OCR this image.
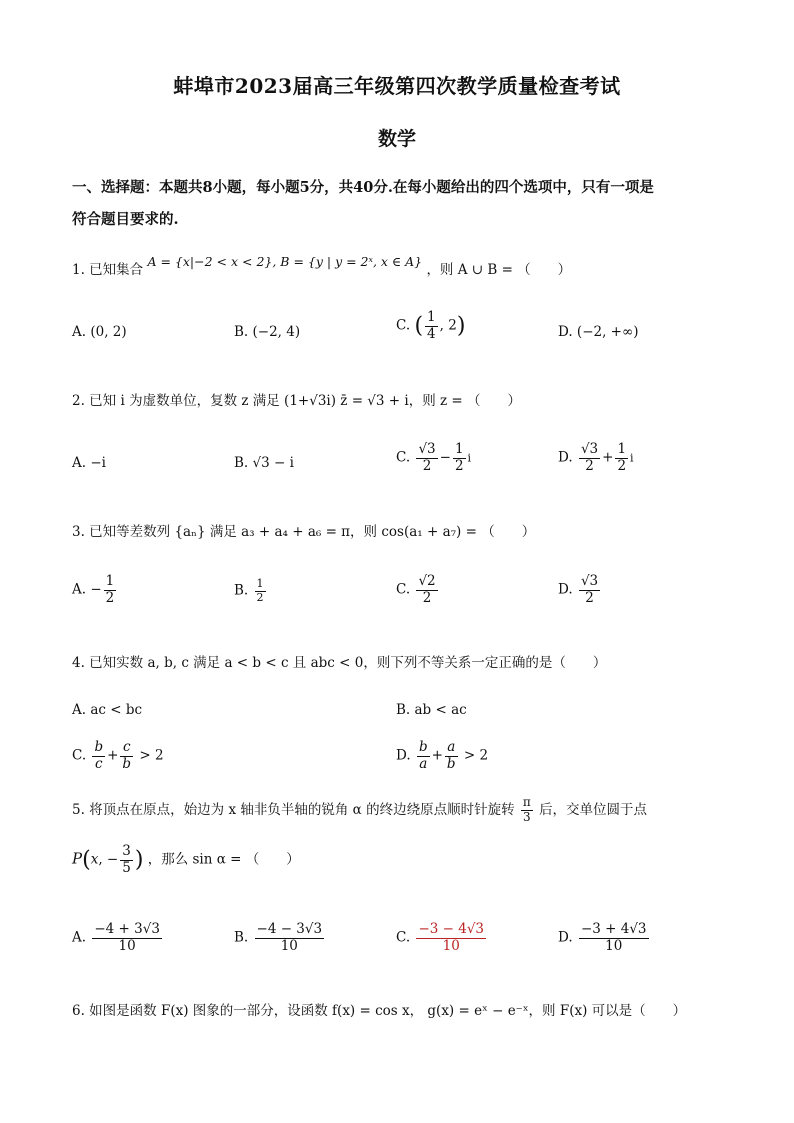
蚌埠市2023届高三年级第四次教学质量检查考试
数学
一、选择题：本题共8小题，每小题5分，共40分.在每小题给出的四个选项中，只有一项是
符合题目要求的.
1. 已知集合 A = {x|−2 < x < 2}, B = {y | y = 2ˣ, x ∈ A} ，则 A ∪ B = （　　）
A. (0, 2)	B. (−2, 4)	C. ( $\frac{1}{4}$ , 2)	D. (−2, +∞)
2. 已知 i 为虚数单位，复数 z 满足 (1+√3i) z̄ = √3 + i，则 z = （　　）
A. −i	B. √3 − i	C. $\frac{√3}{2} - \frac{1}{2}$ i	D. $\frac{√3}{2} + \frac{1}{2}$ i
3. 已知等差数列 {aₙ} 满足 a₃ + a₄ + a₆ = π，则 cos(a₁ + a₇) = （　　）
A. − $\frac{1}{2}$	B. $\frac{1}{2}$	C. $\frac{√2}{2}$	D. $\frac{√3}{2}$
4. 已知实数 a, b, c 满足 a < b < c 且 abc < 0，则下列不等关系一定正确的是（　　）
A. ac < bc	B. ab < ac
C. $\frac{b}{c} + \frac{c}{b} > 2$	D. $\frac{b}{a} + \frac{a}{b} > 2$
5. 将顶点在原点，始边为 x 轴非负半轴的锐角 α 的终边绕原点顺时针旋转 $\frac{\pi}{3}$ 后，交单位圆于点
P(x, − $\frac{3}{5}$ ) ，那么 sin α = （　　）
A. $\frac{-4 + 3√3}{10}$	B. $\frac{-4 - 3√3}{10}$	C. $\frac{-3 - 4√3}{10}$	D. $\frac{-3 + 4√3}{10}$
6. 如图是函数 F(x) 图象的一部分，设函数 f(x) = cos x， g(x) = eˣ − e⁻ˣ，则 F(x) 可以是（　　）
